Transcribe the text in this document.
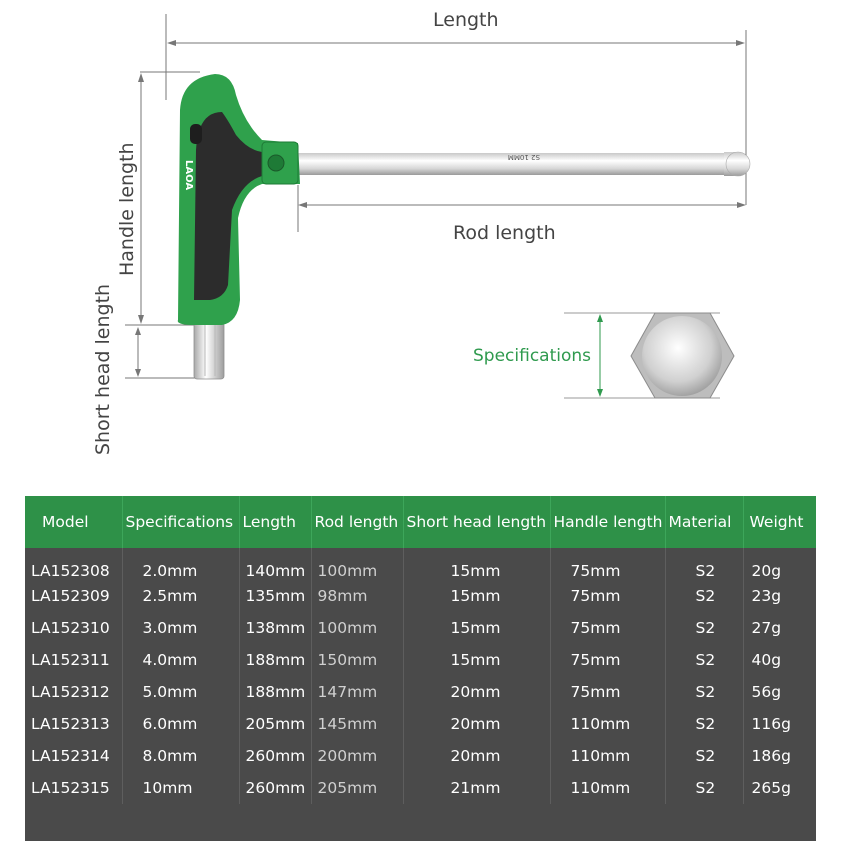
S2 10MM
LAOA
Length
Rod length
Handle length
Short head length	Specifications
Model	Specifications	Length	Rod length	Short head length	Handle length	Material	Weight
LA152308	2.0mm	140mm	100mm	15mm	75mm	S2	20g
LA152309	2.5mm	135mm	98mm	15mm	75mm	S2	23g
LA152310	3.0mm	138mm	100mm	15mm	75mm	S2	27g
LA152311	4.0mm	188mm	150mm	15mm	75mm	S2	40g
LA152312	5.0mm	188mm	147mm	20mm	75mm	S2	56g
LA152313	6.0mm	205mm	145mm	20mm	110mm	S2	116g
LA152314	8.0mm	260mm	200mm	20mm	110mm	S2	186g
LA152315	10mm	260mm	205mm	21mm	110mm	S2	265g
